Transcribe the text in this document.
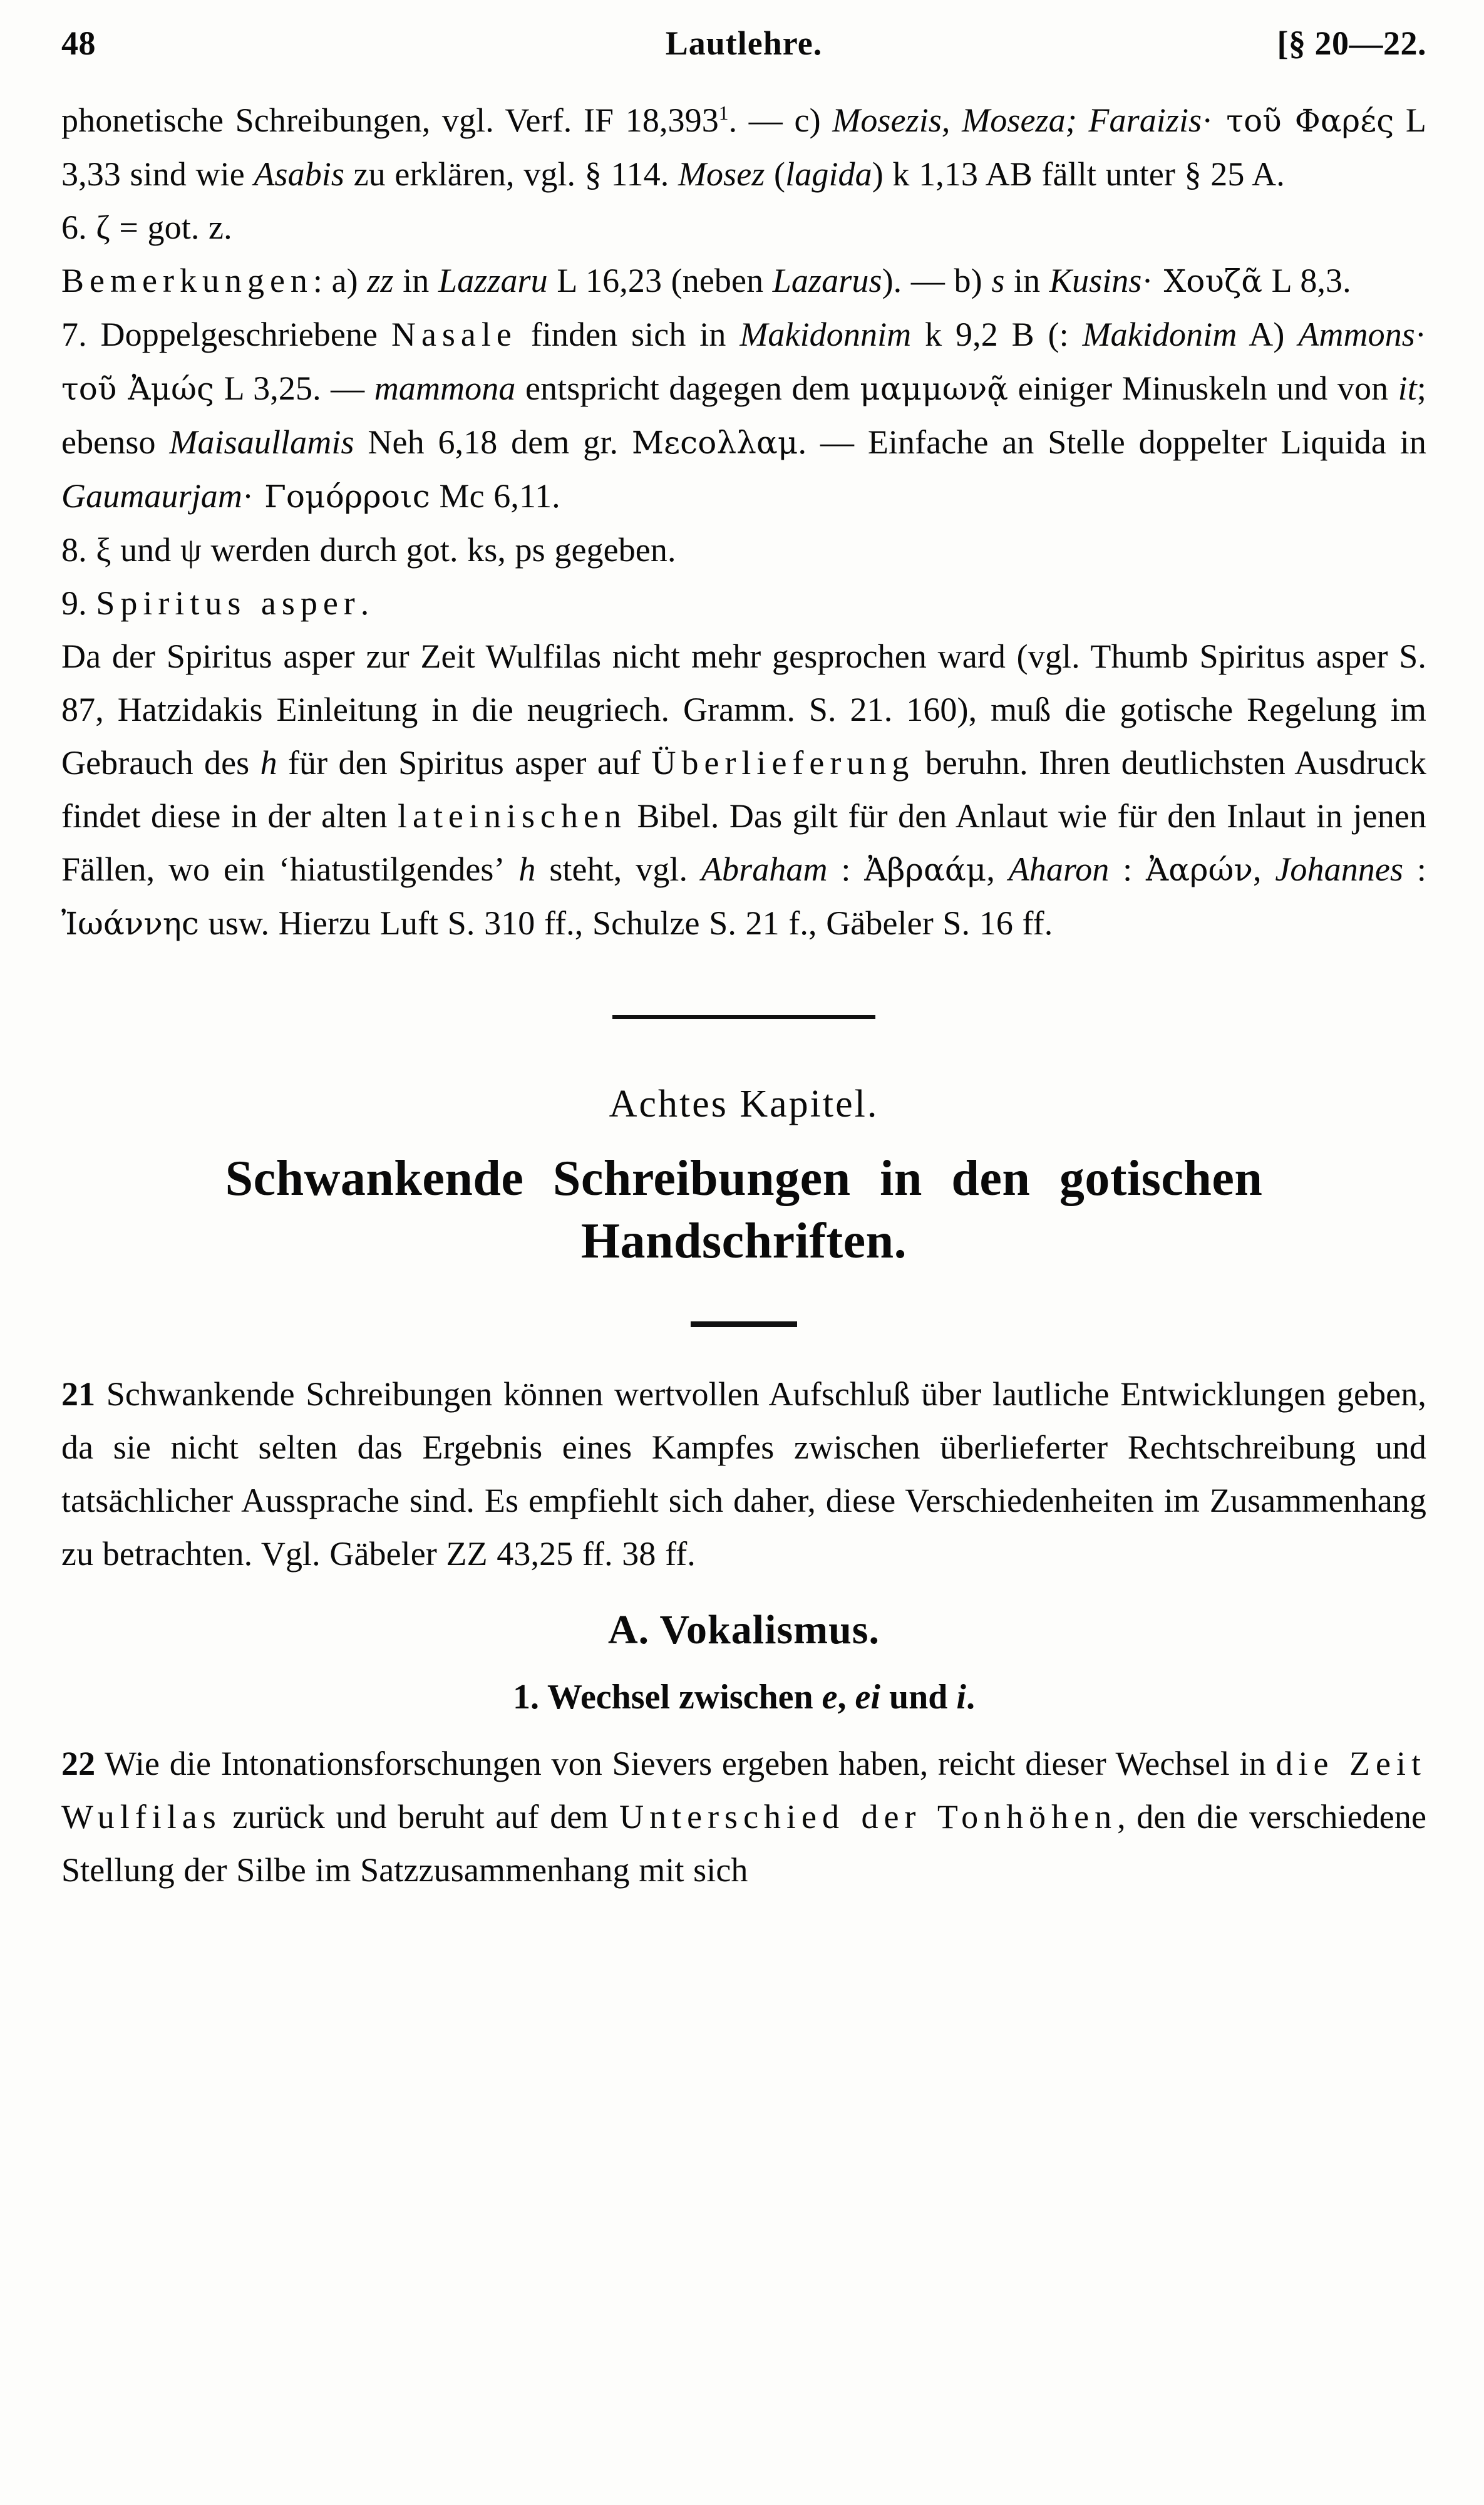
48	Lautlehre.	[§ 20—22.

phonetische Schreibungen, vgl. Verf. IF 18,393$^1$. — c) Mosezis, Moseza; Faraizis· τοῦ Φαρές L 3,33 sind wie Asabis zu erklären, vgl. § 114. Mosez (lagida) k 1,13 AB fällt unter § 25 A.

6. ζ = got. z.

Bemerkungen: a) zz in Lazzaru L 16,23 (neben Lazarus). — b) s in Kusins· Χουζᾶ L 8,3.

7. Doppelgeschriebene Nasale finden sich in Makidonnim k 9,2 B (: Makidonim A) Ammons· τοῦ Ἀμώς L 3,25. — mammona entspricht dagegen dem μαμμωνᾷ einiger Minuskeln und von it; ebenso Maisaullamis Neh 6,18 dem gr. Μεϲολλαμ. — Einfache an Stelle doppelter Liquida in Gaumaurjam· Γομόρροιϲ Mc 6,11.

8. ξ und ψ werden durch got. ks, ps gegeben.

9. Spiritus asper.

Da der Spiritus asper zur Zeit Wulfilas nicht mehr gesprochen ward (vgl. Thumb Spiritus asper S. 87, Hatzidakis Einleitung in die neugriech. Gramm. S. 21. 160), muß die gotische Regelung im Gebrauch des h für den Spiritus asper auf Überlieferung beruhn. Ihren deutlichsten Ausdruck findet diese in der alten lateinischen Bibel. Das gilt für den Anlaut wie für den Inlaut in jenen Fällen, wo ein ʻhiatustilgendesʼ h steht, vgl. Abraham : Ἀβραάμ, Aharon : Ἀαρών, Johannes : Ἰωάννηϲ usw. Hierzu Luft S. 310 ff., Schulze S. 21 f., Gäbeler S. 16 ff.

Achtes Kapitel.
Schwankende Schreibungen in den gotischen
Handschriften.

21 Schwankende Schreibungen können wertvollen Aufschluß über lautliche Entwicklungen geben, da sie nicht selten das Ergebnis eines Kampfes zwischen überlieferter Rechtschreibung und tatsächlicher Aussprache sind. Es empfiehlt sich daher, diese Verschiedenheiten im Zusammenhang zu betrachten. Vgl. Gäbeler ZZ 43,25 ff. 38 ff.

A. Vokalismus.
1. Wechsel zwischen e, ei und i.

22 Wie die Intonationsforschungen von Sievers ergeben haben, reicht dieser Wechsel in die Zeit Wulfilas zurück und beruht auf dem Unterschied der Tonhöhen, den die verschiedene Stellung der Silbe im Satzzusammenhang mit sich
